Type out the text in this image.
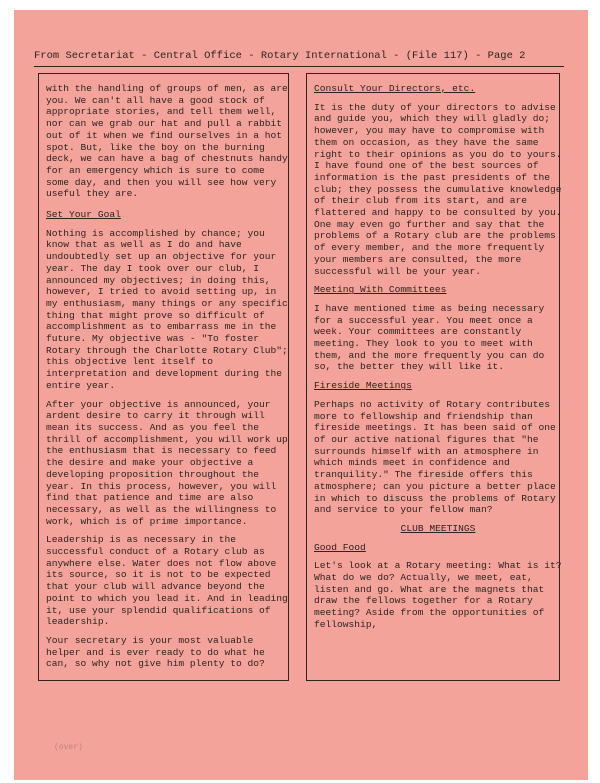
From Secretariat - Central Office - Rotary International - (File 117) - Page 2

with the handling of groups of men, as are you. We can't all have a good stock of appropriate stories, and tell them well, nor can we grab our hat and pull a rabbit out of it when we find ourselves in a hot spot. But, like the boy on the burning deck, we can have a bag of chestnuts handy for an emergency which is sure to come some day, and then you will see how very useful they are.

Set Your Goal

Nothing is accomplished by chance; you know that as well as I do and have undoubtedly set up an objective for your year. The day I took over our club, I announced my objectives; in doing this, however, I tried to avoid setting up, in my enthusiasm, many things or any specific thing that might prove so difficult of accomplishment as to embarrass me in the future. My objective was - "To foster Rotary through the Charlotte Rotary Club"; this objective lent itself to interpretation and development during the entire year.

After your objective is announced, your ardent desire to carry it through will mean its success. And as you feel the thrill of accomplishment, you will work up the enthusiasm that is necessary to feed the desire and make your objective a developing proposition throughout the year. In this process, however, you will find that patience and time are also necessary, as well as the willingness to work, which is of prime importance.

Leadership is as necessary in the successful conduct of a Rotary club as anywhere else. Water does not flow above its source, so it is not to be expected that your club will advance beyond the point to which you lead it. And in leading it, use your splendid qualifications of leadership.

Your secretary is your most valuable helper and is ever ready to do what he can, so why not give him plenty to do?

Consult Your Directors, etc.

It is the duty of your directors to advise and guide you, which they will gladly do; however, you may have to compromise with them on occasion, as they have the same right to their opinions as you do to yours. I have found one of the best sources of information is the past presidents of the club; they possess the cumulative knowledge of their club from its start, and are flattered and happy to be consulted by you. One may even go further and say that the problems of a Rotary club are the problems of every member, and the more frequently your members are consulted, the more successful will be your year.

Meeting With Committees

I have mentioned time as being necessary for a successful year. You meet once a week. Your committees are constantly meeting. They look to you to meet with them, and the more frequently you can do so, the better they will like it.

Fireside Meetings

Perhaps no activity of Rotary contributes more to fellowship and friendship than fireside meetings. It has been said of one of our active national figures that "he surrounds himself with an atmosphere in which minds meet in confidence and tranquility." The fireside offers this atmosphere; can you picture a better place in which to discuss the problems of Rotary and service to your fellow man?

CLUB MEETINGS
Good Food

Let's look at a Rotary meeting: What is it? What do we do? Actually, we meet, eat, listen and go. What are the magnets that draw the fellows together for a Rotary meeting? Aside from the opportunities of fellowship,

(over)
